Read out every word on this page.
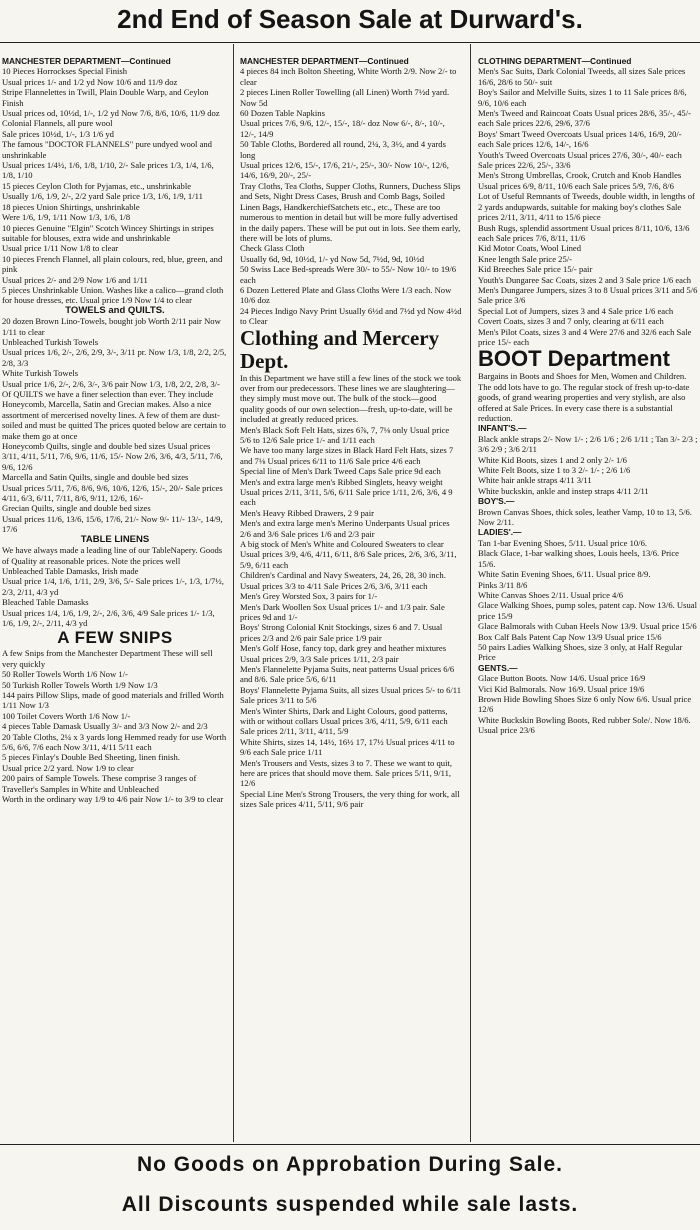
2nd End of Season Sale at Durward's.
MANCHESTER DEPARTMENT—Continued
10 Pieces Horrockses Special Finish
Usual prices 1/- and 1/2 yd Now 10/6 and 11/9 doz
Stripe Flannelettes in Twill, Plain Double Warp, and Ceylon Finish
Usual prices od, 10½d, 1/-, 1/2 yd Now 7/6, 8/6, 10/6, 11/9 doz
Colonial Flannels, all pure wool
Sale prices 10½d, 1/-, 1/3 1/6 yd
The famous "DOCTOR FLANNELS" pure undyed wool and unshrinkable
Usual prices 1/4½, 1/6, 1/8, 1/10, 2/- Sale prices 1/3, 1/4, 1/6, 1/8, 1/10
15 pieces Ceylon Cloth for Pyjamas, etc., unshrinkable
Usually 1/6, 1/9, 2/-, 2/2 yard Sale price 1/3, 1/6, 1/9, 1/11
18 pieces Union Shirtings, unshrinkable
Were 1/6, 1/9, 1/11 Now 1/3, 1/6, 1/8
10 pieces Genuine "Elgin" Scotch Wincey Shirtings in stripes suitable for blouses, extra wide and unshrinkable
Usual price 1/11 Now 1/8 to clear
10 pieces French Flannel, all plain colours, red, blue, green, and pink
Usual prices 2/- and 2/9 Now 1/6 and 1/11
5 pieces Unshrinkable Union. Washes like a calico—grand cloth for house dresses, etc. Usual price 1/9 Now 1/4 to clear
TOWELS and QUILTS.
20 dozen Brown Lino-Towels, bought job Worth 2/11 pair Now 1/11 to clear
Unbleached Turkish Towels
Usual prices 1/6, 2/-, 2/6, 2/9, 3/-, 3/11 pr. Now 1/3, 1/8, 2/2, 2/5, 2/8, 3/3
White Turkish Towels
Usual price 1/6, 2/-, 2/6, 3/-, 3/6 pair Now 1/3, 1/8, 2/2, 2/8, 3/-
Of QUILTS we have a finer selection than ever. They include Honeycomb, Marcella, Satin and Grecian makes. Also a nice assortment of mercerised novelty lines. A few of them are dust-soiled and must be quitted The prices quoted below are certain to make them go at once
Honeycomb Quilts, single and double bed sizes Usual prices 3/11, 4/11, 5/11, 7/6, 9/6, 11/6, 15/- Now 2/6, 3/6, 4/3, 5/11, 7/6, 9/6, 12/6
Marcella and Satin Quilts, single and double bed sizes
Usual prices 5/11, 7/6, 8/6, 9/6, 10/6, 12/6, 15/-, 20/- Sale prices 4/11, 6/3, 6/11, 7/11, 8/6, 9/11, 12/6, 16/-
Grecian Quilts, single and double bed sizes
Usual prices 11/6, 13/6, 15/6, 17/6, 21/- Now 9/- 11/- 13/-, 14/9, 17/6
TABLE LINENS
We have always made a leading line of our TableNapery. Goods of Quality at reasonable prices. Note the prices well
Unbleached Table Damasks, Irish made
Usual price 1/4, 1/6, 1/11, 2/9, 3/6, 5/- Sale prices 1/-, 1/3, 1/7½, 2/3, 2/11, 4/3 yd
Bleached Table Damasks
Usual prices 1/4, 1/6, 1/9, 2/-, 2/6, 3/6, 4/9 Sale prices 1/- 1/3, 1/6, 1/9, 2/-, 2/11, 4/3 yd
A FEW SNIPS
A few Snips from the Manchester Department These will sell very quickly
50 Roller Towels Worth 1/6 Now 1/-
50 Turkish Roller Towels Worth 1/9 Now 1/3
144 pairs Pillow Slips, made of good materials and frilled Worth 1/11 Now 1/3
100 Toilet Covers Worth 1/6 Now 1/-
4 pieces Table Damask Usually 3/- and 3/3 Now 2/- and 2/3
20 Table Cloths, 2¼ x 3 yards long Hemmed ready for use Worth 5/6, 6/6, 7/6 each Now 3/11, 4/11 5/11 each
5 pieces Finlay's Double Bed Sheeting, linen finish.
Usual price 2/2 yard. Now 1/9 to clear
200 pairs of Sample Towels. These comprise 3 ranges of Traveller's Samples in White and Unbleached
Worth in the ordinary way 1/9 to 4/6 pair Now 1/- to 3/9 to clear
MANCHESTER DEPARTMENT—Continued
4 pieces 84 inch Bolton Sheeting, White Worth 2/9. Now 2/- to clear
2 pieces Linen Roller Towelling (all Linen) Worth 7½d yard. Now 5d
60 Dozen Table Napkins
Usual prices 7/6, 9/6, 12/-, 15/-, 18/- doz Now 6/-, 8/-, 10/-, 12/-, 14/9
50 Table Cloths, Bordered all round, 2¼, 3, 3½, and 4 yards long
Usual prices 12/6, 15/-, 17/6, 21/-, 25/-, 30/- Now 10/-, 12/6, 14/6, 16/9, 20/-, 25/-
Tray Cloths, Tea Cloths, Supper Cloths, Runners, Duchess Slips and Sets, Night Dress Cases, Brush and Comb Bags, Soiled Linen Bags, HandkerchiefSatchets etc., etc., These are too numerous to mention in detail but will be more fully advertised in the daily papers. These will be put out in lots. See them early, there will be lots of plums.
Check Glass Cloth
Usually 6d, 9d, 10½d, 1/- yd Now 5d, 7½d, 9d, 10½d
50 Swiss Lace Bed-spreads Were 30/- to 55/- Now 10/- to 19/6 each
6 Dozen Lettered Plate and Glass Cloths Were 1/3 each. Now 10/6 doz
24 Pieces Indigo Navy Print Usually 6½d and 7½d yd Now 4½d to Clear
Clothing and Mercery Dept.
In this Department we have still a few lines of the stock we took over from our predecessors. These lines we are slaughtering—they simply must move out. The bulk of the stock—good quality goods of our own selection—fresh, up-to-date, will be included at greatly reduced prices.
Men's Black Soft Felt Hats, sizes 6⅞, 7, 7⅛ only Usual price 5/6 to 12/6 Sale price 1/- and 1/11 each
We have too many large sizes in Black Hard Felt Hats, sizes 7 and 7⅛ Usual prices 6/11 to 11/6 Sale price 4/6 each
Special line of Men's Dark Tweed Caps Sale price 9d each
Men's and extra large men's Ribbed Singlets, heavy weight Usual prices 2/11, 3/11, 5/6, 6/11 Sale price 1/11, 2/6, 3/6, 4 9 each
Men's Heavy Ribbed Drawers, 2 9 pair
Men's and extra large men's Merino Underpants Usual prices 2/6 and 3/6 Sale prices 1/6 and 2/3 pair
A big stock of Men's White and Coloured Sweaters to clear
Usual prices 3/9, 4/6, 4/11, 6/11, 8/6 Sale prices, 2/6, 3/6, 3/11, 5/9, 6/11 each
Children's Cardinal and Navy Sweaters, 24, 26, 28, 30 inch. Usual prices 3/3 to 4/11 Sale Prices 2/6, 3/6, 3/11 each
Men's Grey Worsted Sox, 3 pairs for 1/-
Men's Dark Woollen Sox Usual prices 1/- and 1/3 pair. Sale prices 9d and 1/-
Boys' Strong Colonial Knit Stockings, sizes 6 and 7. Usual prices 2/3 and 2/6 pair Sale price 1/9 pair
Men's Golf Hose, fancy top, dark grey and heather mixtures Usual prices 2/9, 3/3 Sale prices 1/11, 2/3 pair
Men's Flannelette Pyjama Suits, neat patterns Usual prices 6/6 and 8/6. Sale price 5/6, 6/11
Boys' Flannelette Pyjama Suits, all sizes Usual prices 5/- to 6/11 Sale prices 3/11 to 5/6
Men's Winter Shirts, Dark and Light Colours, good patterns, with or without collars Usual prices 3/6, 4/11, 5/9, 6/11 each Sale prices 2/11, 3/11, 4/11, 5/9
White Shirts, sizes 14, 14½, 16½ 17, 17½ Usual prices 4/11 to 9/6 each Sale price 1/11
Men's Trousers and Vests, sizes 3 to 7. These we want to quit, here are prices that should move them. Sale prices 5/11, 9/11, 12/6
Special Line Men's Strong Trousers, the very thing for work, all sizes Sale prices 4/11, 5/11, 9/6 pair
CLOTHING DEPARTMENT—Continued
Men's Sac Suits, Dark Colonial Tweeds, all sizes Sale prices 16/6, 28/6 to 50/- suit
Boy's Sailor and Melville Suits, sizes 1 to 11 Sale prices 8/6, 9/6, 10/6 each
Men's Tweed and Raincoat Coats Usual prices 28/6, 35/-, 45/- each Sale prices 22/6, 29/6, 37/6
Boys' Smart Tweed Overcoats Usual prices 14/6, 16/9, 20/- each Sale prices 12/6, 14/-, 16/6
Youth's Tweed Overcoats Usual prices 27/6, 30/-, 40/- each Sale prices 22/6, 25/-, 33/6
Men's Strong Umbrellas, Crook, Crutch and Knob Handles Usual prices 6/9, 8/11, 10/6 each Sale prices 5/9, 7/6, 8/6
Lot of Useful Remnants of Tweeds, double width, in lengths of 2 yards andupwards, suitable for making boy's clothes Sale prices 2/11, 3/11, 4/11 to 15/6 piece
Bush Rugs, splendid assortment Usual prices 8/11, 10/6, 13/6 each Sale prices 7/6, 8/11, 11/6
Kid Motor Coats, Wool Lined
Knee length Sale price 25/-
Kid Breeches Sale price 15/- pair
Youth's Dungaree Sac Coats, sizes 2 and 3 Sale price 1/6 each
Men's Dungaree Jumpers, sizes 3 to 8 Usual prices 3/11 and 5/6 Sale price 3/6
Special Lot of Jumpers, sizes 3 and 4 Sale price 1/6 each
Covert Coats, sizes 3 and 7 only, clearing at 6/11 each
Men's Pilot Coats, sizes 3 and 4 Were 27/6 and 32/6 each Sale price 15/- each
BOOT Department
Bargains in Boots and Shoes for Men, Women and Children. The odd lots have to go. The regular stock of fresh up-to-date goods, of grand wearing properties and very stylish, are also offered at Sale Prices. In every case there is a substantial reduction.
INFANT'S.—
Black ankle straps 2/- Now 1/- ; 2/6 1/6 ; 2/6 1/11 ; Tan 3/- 2/3 ; 3/6 2/9 ; 3/6 2/11
White Kid Boots, sizes 1 and 2 only 2/- 1/6
White Felt Boots, size 1 to 3 2/- 1/- ; 2/6 1/6
White hair ankle straps 4/11 3/11
White buckskin, ankle and instep straps 4/11 2/11
BOY'S.—
Brown Canvas Shoes, thick soles, leather Vamp, 10 to 13, 5/6. Now 2/11.
LADIES'.—
Tan 1-bar Evening Shoes, 5/11. Usual price 10/6.
Black Glace, 1-bar walking shoes, Louis heels, 13/6. Price 15/6.
White Satin Evening Shoes, 6/11. Usual price 8/9.
Pinks 3/11 8/6
White Canvas Shoes 2/11. Usual price 4/6
Glace Walking Shoes, pump soles, patent cap. Now 13/6. Usual price 15/9
Glace Balmorals with Cuban Heels Now 13/9. Usual price 15/6
Box Calf Bals Patent Cap Now 13/9 Usual price 15/6
50 pairs Ladies Walking Shoes, size 3 only, at Half Regular Price
GENTS.—
Glace Button Boots. Now 14/6. Usual price 16/9
Vici Kid Balmorals. Now 16/9. Usual price 19/6
Brown Hide Bowling Shoes Size 6 only Now 6/6. Usual price 12/6
White Buckskin Bowling Boots, Red rubber Sole/. Now 18/6. Usual price 23/6
No Goods on Approbation During Sale.
All Discounts suspended while sale lasts.
